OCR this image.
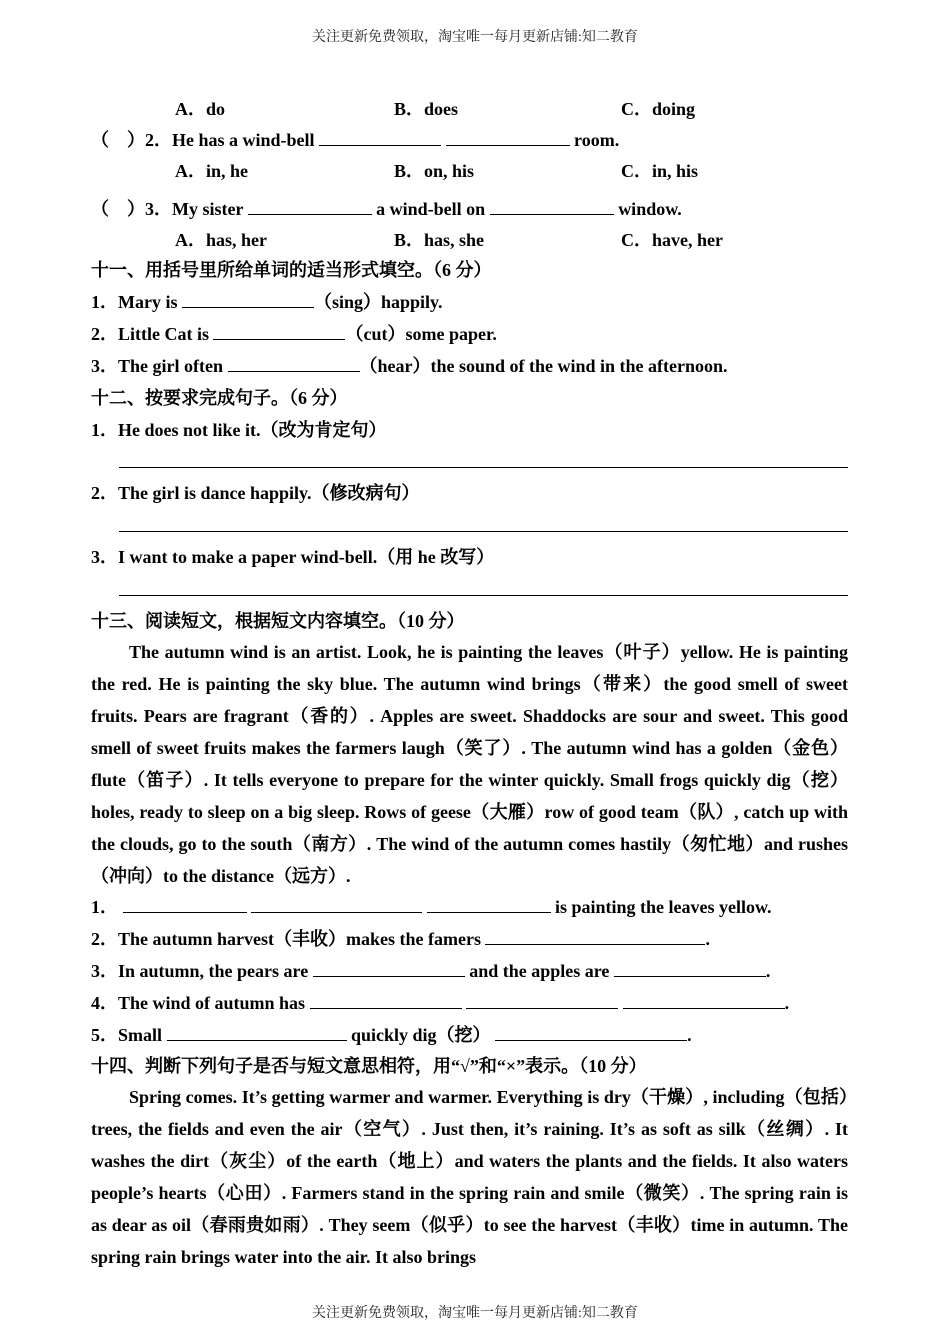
关注更新免费领取，淘宝唯一每月更新店铺:知二教育
A．do	B．does	C．doing
（　）2．He has a wind-bell	room.
A．in, he	B．on, his	C．in, his
（　）3．My sister	a wind-bell on	window.
A．has, her	B．has, she	C．have, her
十一、用括号里所给单词的适当形式填空。（6 分）
1．Mary is	（sing）happily.
2．Little Cat is	（cut）some paper.
3．The girl often	（hear）the sound of the wind in the afternoon.
十二、按要求完成句子。（6 分）
1．He does not like it.（改为肯定句）
2．The girl is dance happily.（修改病句）
3．I want to make a paper wind-bell.（用 he 改写）
十三、阅读短文，根据短文内容填空。（10 分）
The autumn wind is an artist. Look, he is painting the leaves（叶子）yellow. He is painting the red. He is painting the sky blue. The autumn wind brings（带来）the good smell of sweet fruits. Pears are fragrant（香的）. Apples are sweet. Shaddocks are sour and sweet. This good smell of sweet fruits makes the farmers laugh（笑了）. The autumn wind has a golden（金色）flute（笛子）. It tells everyone to prepare for the winter quickly. Small frogs quickly dig（挖）holes, ready to sleep on a big sleep. Rows of geese（大雁）row of good team（队）, catch up with the clouds, go to the south（南方）. The wind of the autumn comes hastily（匆忙地）and rushes（冲向）to the distance（远方）.
1．	is painting the leaves yellow.
2．The autumn harvest（丰收）makes the famers	.
3．In autumn, the pears are	and the apples are	.
4．The wind of autumn has	.
5．Small	quickly dig（挖）	.
十四、判断下列句子是否与短文意思相符，用“√”和“×”表示。（10 分）
Spring comes. It’s getting warmer and warmer. Everything is dry（干燥）, including（包括）trees, the fields and even the air（空气）. Just then, it’s raining. It’s as soft as silk（丝绸）. It washes the dirt（灰尘）of the earth（地上）and waters the plants and the fields. It also waters people’s hearts（心田）. Farmers stand in the spring rain and smile（微笑）. The spring rain is as dear as oil（春雨贵如雨）. They seem（似乎）to see the harvest（丰收）time in autumn. The spring rain brings water into the air. It also brings
关注更新免费领取，淘宝唯一每月更新店铺:知二教育
